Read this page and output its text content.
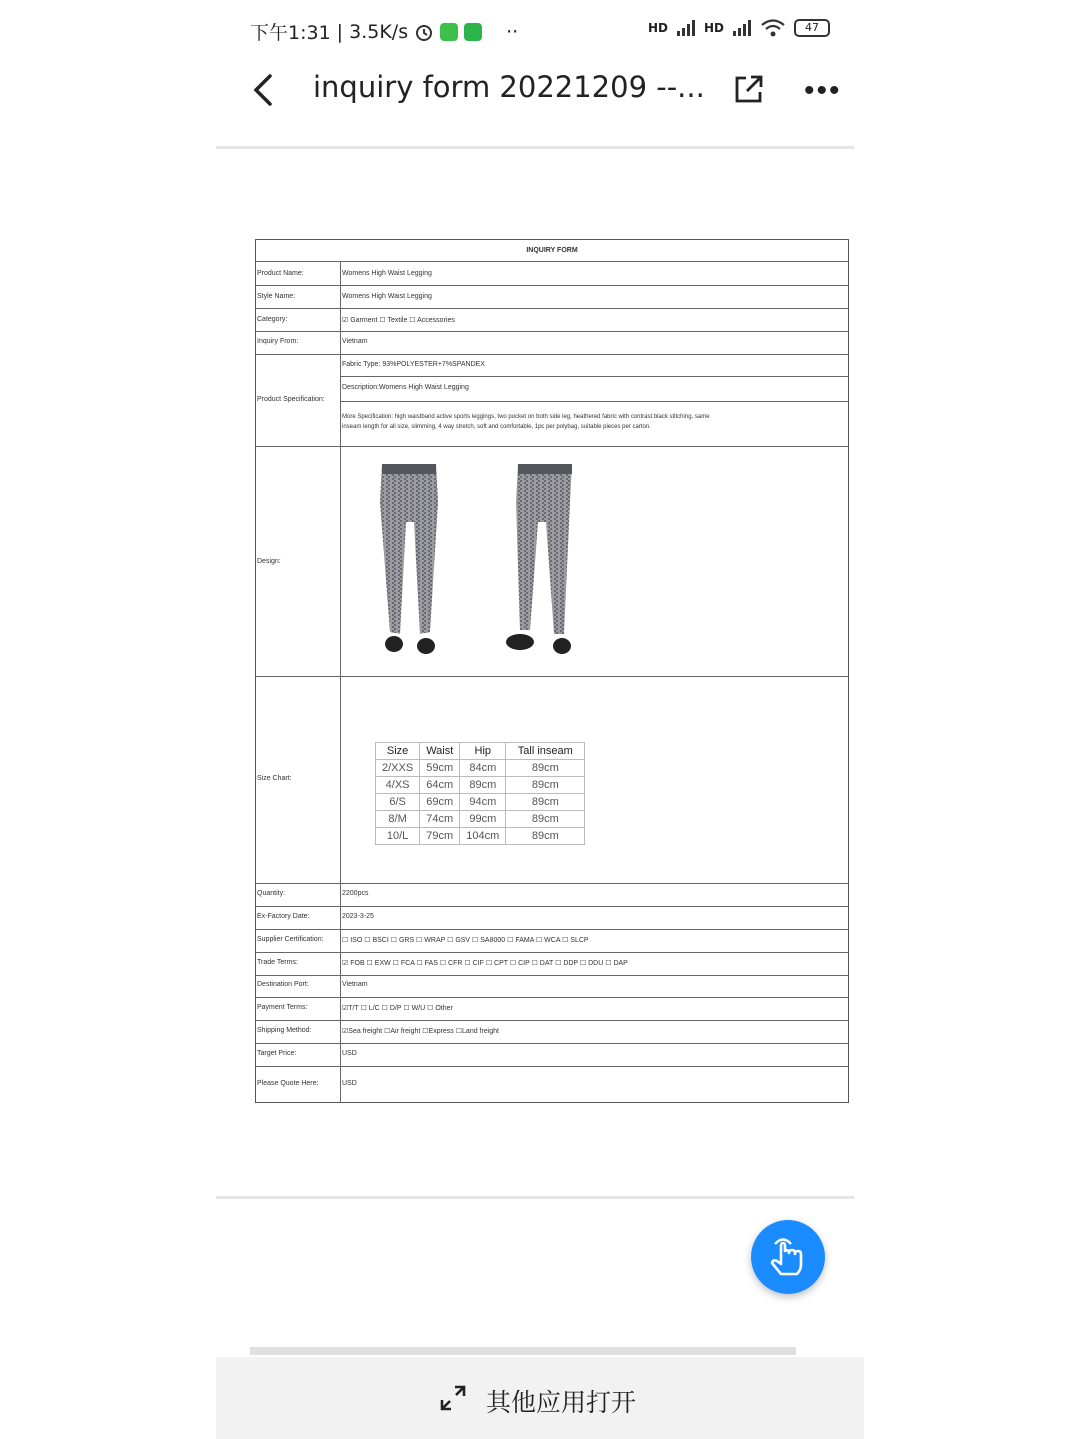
下午1:31 | 3.5K/s	··	HD	HD	47
inquiry form 20221209 --...	•••
INQUIRY FORM
Product Name:	Womens High Waist Legging
Style Name:	Womens High Waist Legging
Category:	☑ Garment ☐ Textile ☐ Accessories
Inquiry From:	Vietnam
Product Specification:
Fabric Type: 93%POLYESTER+7%SPANDEX
Description:Womens High Waist Legging
More Specification: high waistband active sports leggings, two pocket on both side leg, heathered fabric with contrast black stitching, same
inseam length for all size, slimming, 4 way stretch, soft and comfortable, 1pc per polybag, suitable pieces per carton.
Design:
Size Chart:
Size	Waist	Hip	Tall inseam
2/XXS	59cm	84cm	89cm
4/XS	64cm	89cm	89cm
6/S	69cm	94cm	89cm
8/M	74cm	99cm	89cm
10/L	79cm	104cm	89cm
Quantity:	2200pcs
Ex-Factory Date:	2023-3-25
Supplier Certification:	☐ ISO ☐ BSCI ☐ GRS ☐ WRAP ☐ GSV ☐ SA8000 ☐ FAMA ☐ WCA ☐ SLCP
Trade Terms:	☑ FOB ☐ EXW ☐ FCA ☐ FAS ☐ CFR ☐ CIF ☐ CPT ☐ CIP ☐ DAT ☐ DDP ☐ DDU ☐ DAP
Destination Port:	Vietnam
Payment Terms:	☑T/T ☐ L/C ☐ D/P ☐ W/U ☐ Other
Shipping Method:	☑Sea freight ☐Air freight ☐Express ☐Land freight
Target Price:	USD
Please Quote Here:	USD
其他应用打开
